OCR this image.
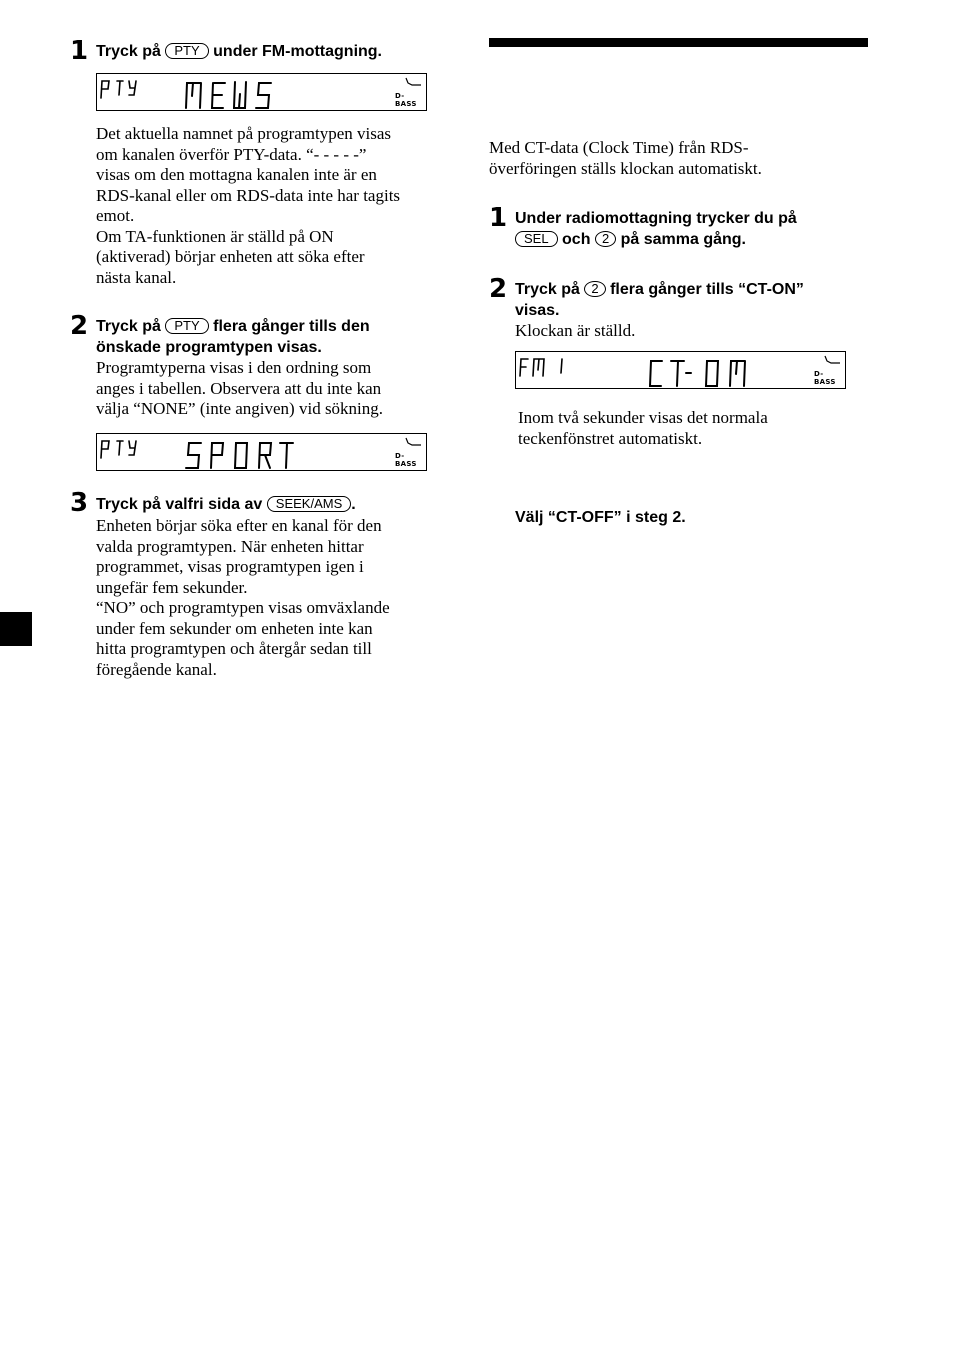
1 Tryck på PTY under FM-mottagning.
D-BASS
Det aktuella namnet på programtypen visas
om kanalen överför PTY-data. “- - - - -”
visas om den mottagna kanalen inte är en
RDS-kanal eller om RDS-data inte har tagits
emot.
Om TA-funktionen är ställd på ON
(aktiverad) börjar enheten att söka efter
nästa kanal.
2 Tryck på PTY flera gånger tills den
önskade programtypen visas.
Programtyperna visas i den ordning som
anges i tabellen. Observera att du inte kan
välja “NONE” (inte angiven) vid sökning.
D-BASS
3 Tryck på valfri sida av SEEK/AMS .
Enheten börjar söka efter en kanal för den
valda programtypen. När enheten hittar
programmet, visas programtypen igen i
ungefär fem sekunder.
“NO” och programtypen visas omväxlande
under fem sekunder om enheten inte kan
hitta programtypen och återgår sedan till
föregående kanal.
Med CT-data (Clock Time) från RDS-
överföringen ställs klockan automatiskt.
1 Under radiomottagning trycker du på
SEL och 2 på samma gång.
2 Tryck på 2 flera gånger tills “CT-ON”
visas.
Klockan är ställd.
D-BASS
Inom två sekunder visas det normala
teckenfönstret automatiskt.
Välj “CT-OFF” i steg 2.
